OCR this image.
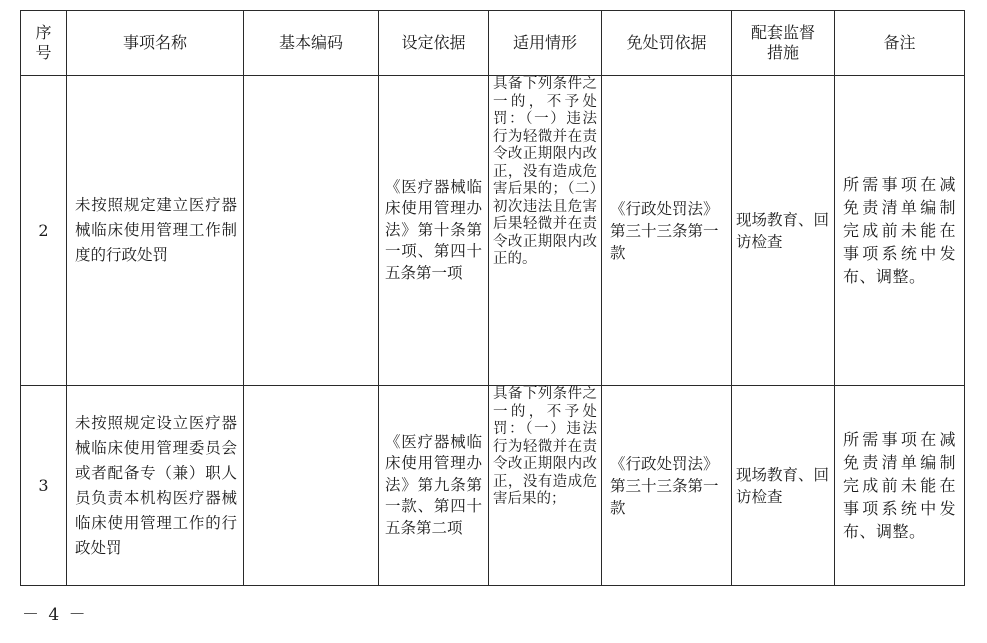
序号	事项名称	基本编码	设定依据	适用情形	免处罚依据	配套监督措施	备注
2	未按照规定建立医疗器械临床使用管理工作制度的行政处罚		《医疗器械临床使用管理办法》第十条第一项、第四十五条第一项	具备下列条件之一的，不予处罚：（一）违法行为轻微并在责令改正期限内改正，没有造成危害后果的；（二）初次违法且危害后果轻微并在责令改正期限内改正的。	《行政处罚法》第三十三条第一款	现场教育、回访检查	所需事项在减免责清单编制完成前未能在事项系统中发布、调整。
3	未按照规定设立医疗器械临床使用管理委员会或者配备专（兼）职人员负责本机构医疗器械临床使用管理工作的行政处罚		《医疗器械临床使用管理办法》第九条第一款、第四十五条第二项	具备下列条件之一的，不予处罚：（一）违法行为轻微并在责令改正期限内改正，没有造成危害后果的；	《行政处罚法》第三十三条第一款	现场教育、回访检查	所需事项在减免责清单编制完成前未能在事项系统中发布、调整。
－ 4 －
